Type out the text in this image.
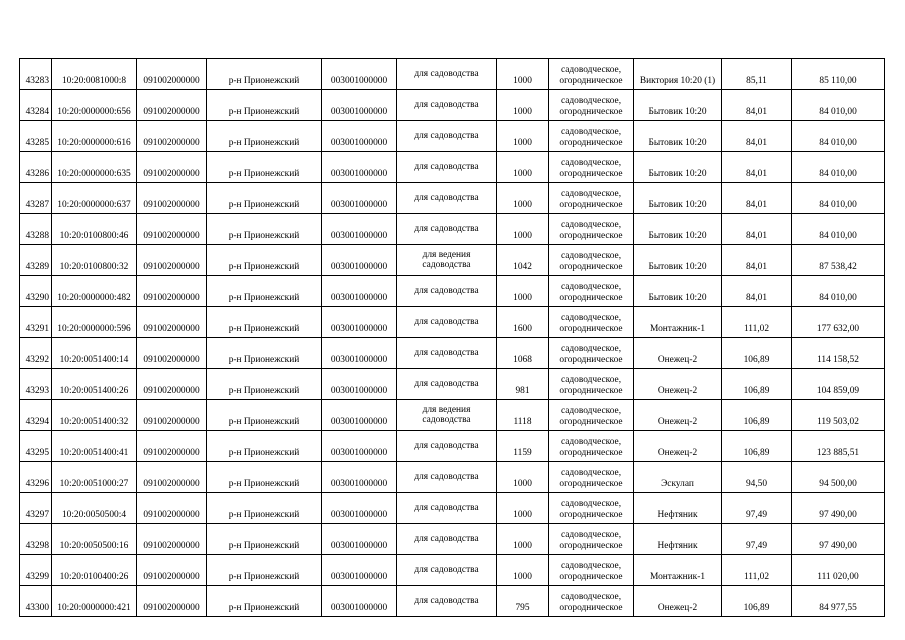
43283	10:20:0081000:8	091002000000	р-н Прионежский	003001000000	для садоводства	1000	садоводческое, огородническое	Виктория 10:20 (1)	85,11	85 110,00
43284	10:20:0000000:656	091002000000	р-н Прионежский	003001000000	для садоводства	1000	садоводческое, огородническое	Бытовик 10:20	84,01	84 010,00
43285	10:20:0000000:616	091002000000	р-н Прионежский	003001000000	для садоводства	1000	садоводческое, огородническое	Бытовик 10:20	84,01	84 010,00
43286	10:20:0000000:635	091002000000	р-н Прионежский	003001000000	для садоводства	1000	садоводческое, огородническое	Бытовик 10:20	84,01	84 010,00
43287	10:20:0000000:637	091002000000	р-н Прионежский	003001000000	для садоводства	1000	садоводческое, огородническое	Бытовик 10:20	84,01	84 010,00
43288	10:20:0100800:46	091002000000	р-н Прионежский	003001000000	для садоводства	1000	садоводческое, огородническое	Бытовик 10:20	84,01	84 010,00
43289	10:20:0100800:32	091002000000	р-н Прионежский	003001000000	для ведения садоводства	1042	садоводческое, огородническое	Бытовик 10:20	84,01	87 538,42
43290	10:20:0000000:482	091002000000	р-н Прионежский	003001000000	для садоводства	1000	садоводческое, огородническое	Бытовик 10:20	84,01	84 010,00
43291	10:20:0000000:596	091002000000	р-н Прионежский	003001000000	для садоводства	1600	садоводческое, огородническое	Монтажник-1	111,02	177 632,00
43292	10:20:0051400:14	091002000000	р-н Прионежский	003001000000	для садоводства	1068	садоводческое, огородническое	Онежец-2	106,89	114 158,52
43293	10:20:0051400:26	091002000000	р-н Прионежский	003001000000	для садоводства	981	садоводческое, огородническое	Онежец-2	106,89	104 859,09
43294	10:20:0051400:32	091002000000	р-н Прионежский	003001000000	для ведения садоводства	1118	садоводческое, огородническое	Онежец-2	106,89	119 503,02
43295	10:20:0051400:41	091002000000	р-н Прионежский	003001000000	для садоводства	1159	садоводческое, огородническое	Онежец-2	106,89	123 885,51
43296	10:20:0051000:27	091002000000	р-н Прионежский	003001000000	для садоводства	1000	садоводческое, огородническое	Эскулап	94,50	94 500,00
43297	10:20:0050500:4	091002000000	р-н Прионежский	003001000000	для садоводства	1000	садоводческое, огородническое	Нефтяник	97,49	97 490,00
43298	10:20:0050500:16	091002000000	р-н Прионежский	003001000000	для садоводства	1000	садоводческое, огородническое	Нефтяник	97,49	97 490,00
43299	10:20:0100400:26	091002000000	р-н Прионежский	003001000000	для садоводства	1000	садоводческое, огородническое	Монтажник-1	111,02	111 020,00
43300	10:20:0000000:421	091002000000	р-н Прионежский	003001000000	для садоводства	795	садоводческое, огородническое	Онежец-2	106,89	84 977,55
